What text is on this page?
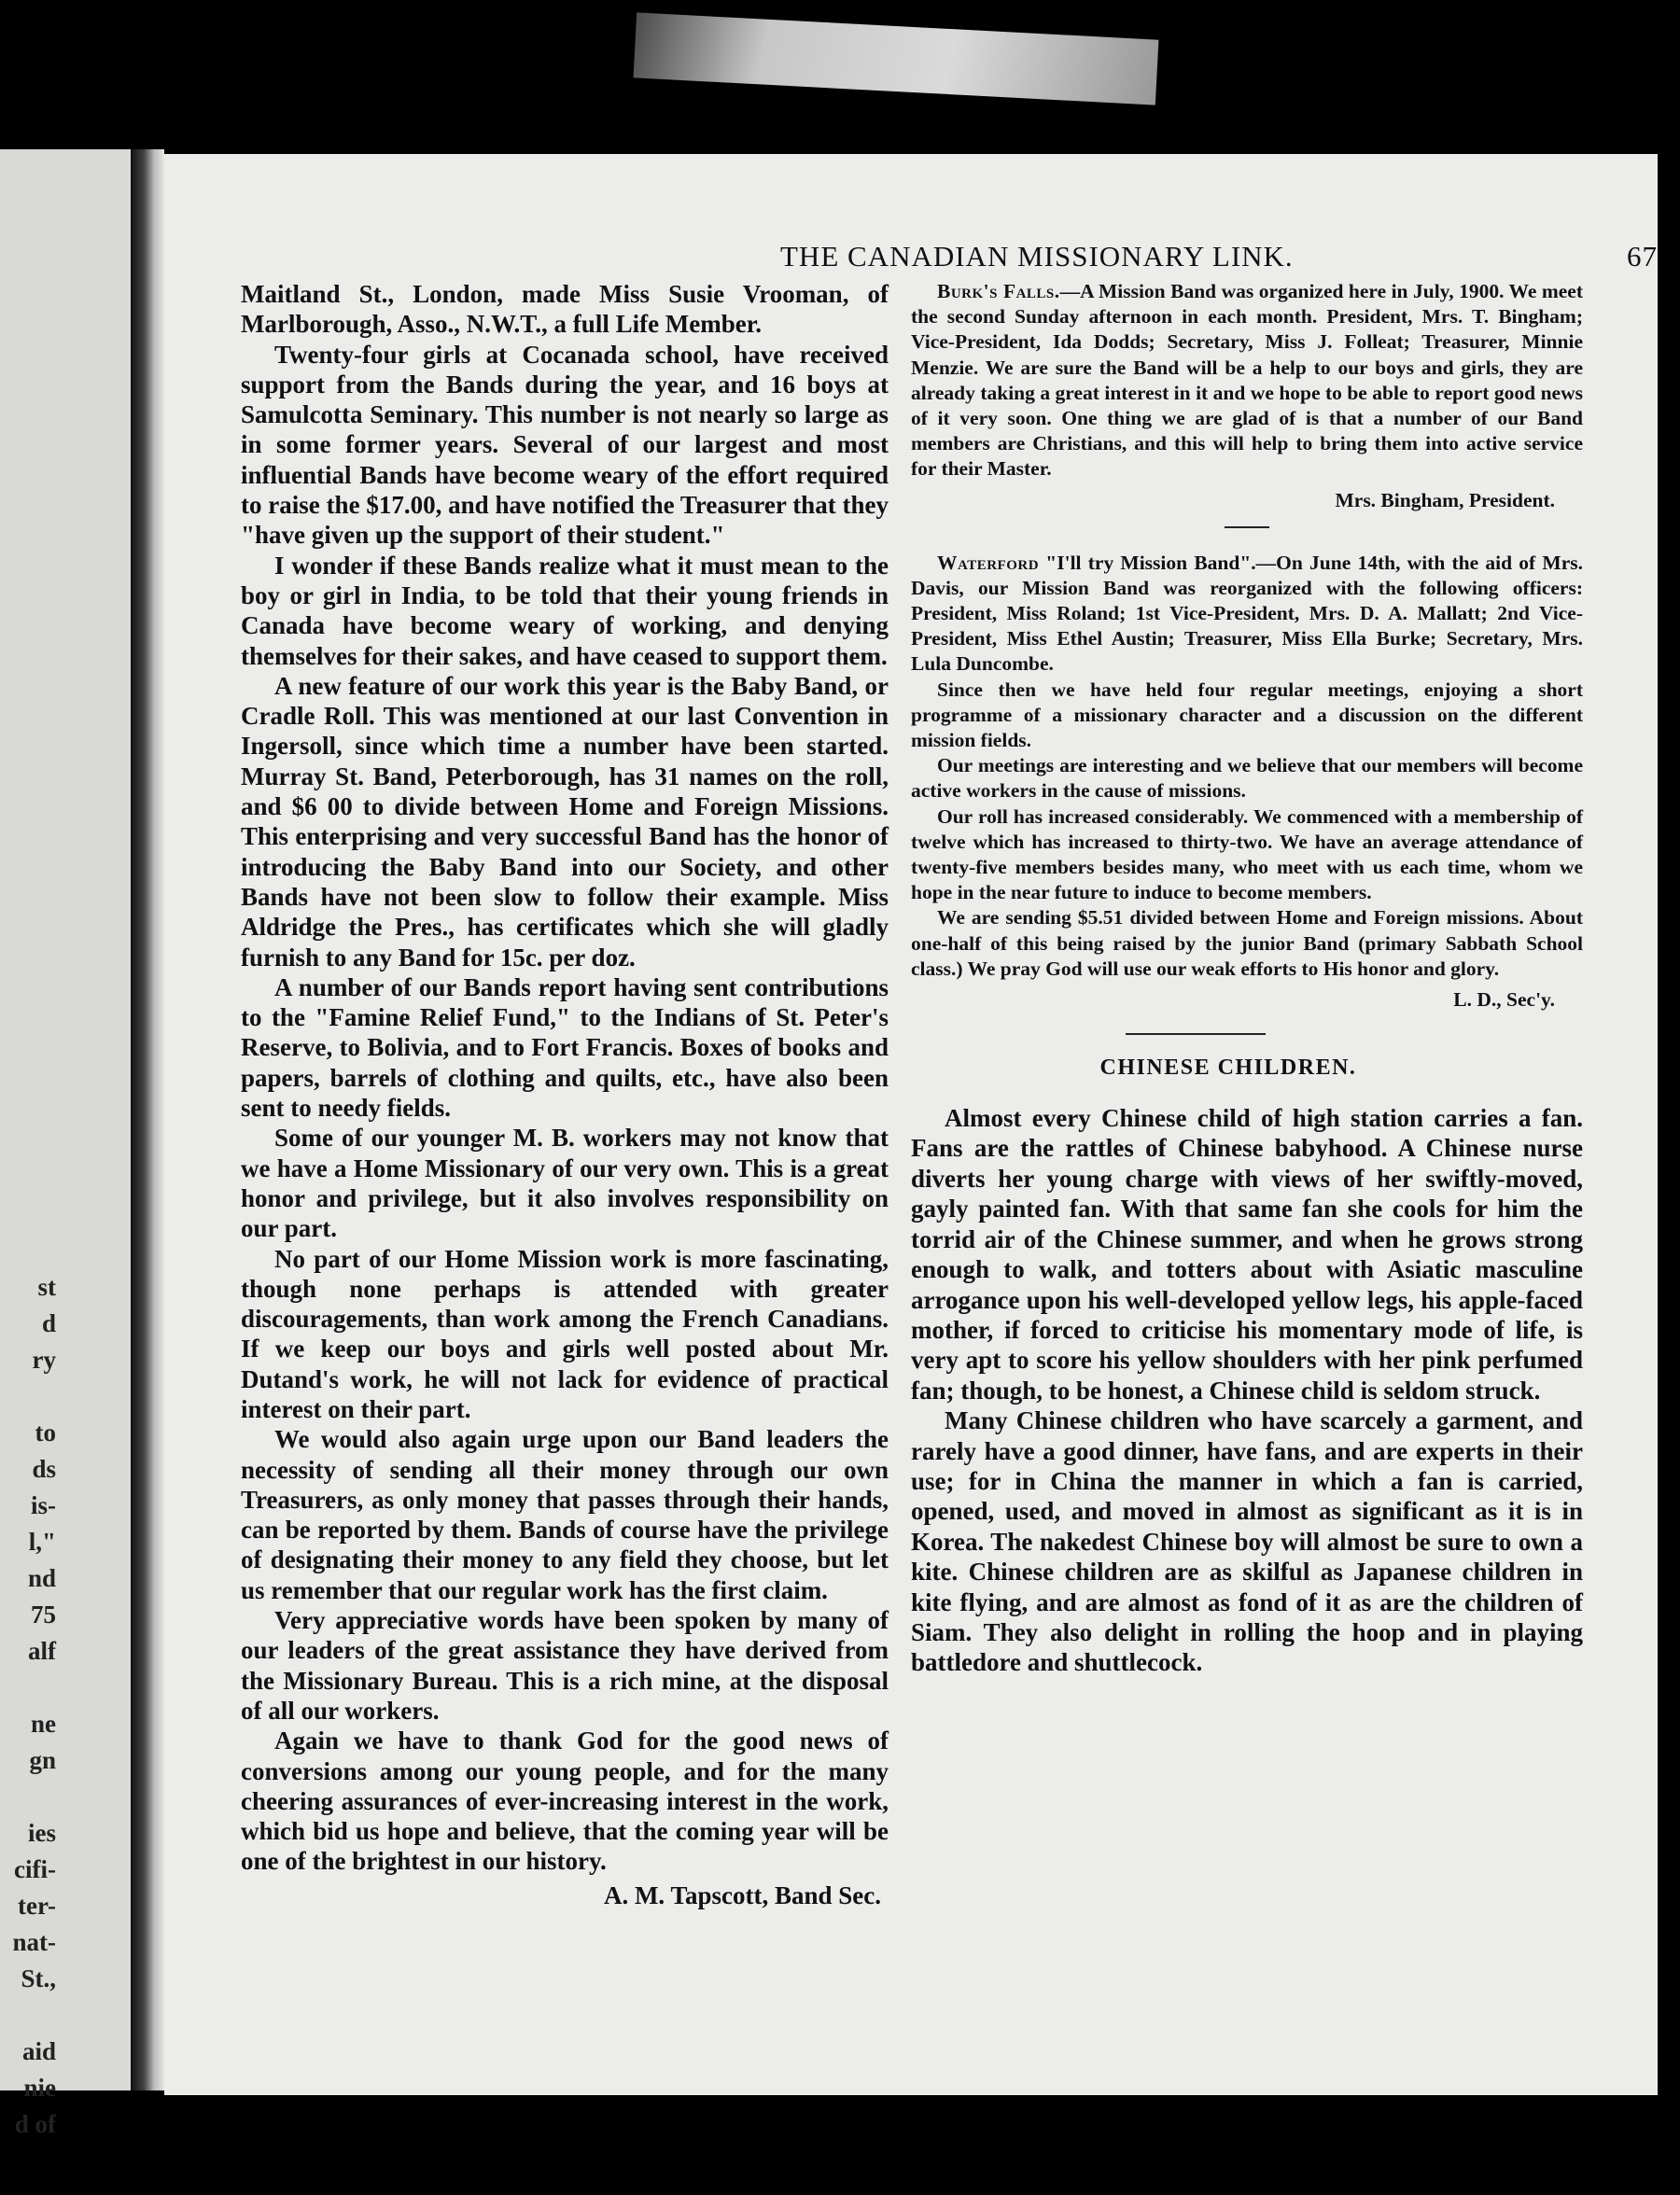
st
d
ry

to
ds
is-
l,"
nd
75
alf

ne
gn

ies
cifi-
ter-
nat-
St.,

aid
nie
d of
THE CANADIAN MISSIONARY LINK.	67

Maitland St., London, made Miss Susie Vrooman, of Marlborough, Asso., N.W.T., a full Life Member.

Twenty-four girls at Cocanada school, have received support from the Bands during the year, and 16 boys at Samulcotta Seminary. This number is not nearly so large as in some former years. Several of our largest and most influential Bands have become weary of the effort required to raise the $17.00, and have notified the Treasurer that they "have given up the support of their student."

I wonder if these Bands realize what it must mean to the boy or girl in India, to be told that their young friends in Canada have become weary of working, and denying themselves for their sakes, and have ceased to support them.

A new feature of our work this year is the Baby Band, or Cradle Roll. This was mentioned at our last Convention in Ingersoll, since which time a number have been started. Murray St. Band, Peterborough, has 31 names on the roll, and $6 00 to divide between Home and Foreign Missions. This enterprising and very successful Band has the honor of introducing the Baby Band into our Society, and other Bands have not been slow to follow their example. Miss Aldridge the Pres., has certificates which she will gladly furnish to any Band for 15c. per doz.

A number of our Bands report having sent contributions to the "Famine Relief Fund," to the Indians of St. Peter's Reserve, to Bolivia, and to Fort Francis. Boxes of books and papers, barrels of clothing and quilts, etc., have also been sent to needy fields.

Some of our younger M. B. workers may not know that we have a Home Missionary of our very own. This is a great honor and privilege, but it also involves responsibility on our part.

No part of our Home Mission work is more fascinating, though none perhaps is attended with greater discouragements, than work among the French Canadians. If we keep our boys and girls well posted about Mr. Dutand's work, he will not lack for evidence of practical interest on their part.

We would also again urge upon our Band leaders the necessity of sending all their money through our own Treasurers, as only money that passes through their hands, can be reported by them. Bands of course have the privilege of designating their money to any field they choose, but let us remember that our regular work has the first claim.

Very appreciative words have been spoken by many of our leaders of the great assistance they have derived from the Missionary Bureau. This is a rich mine, at the disposal of all our workers.

Again we have to thank God for the good news of conversions among our young people, and for the many cheering assurances of ever-increasing interest in the work, which bid us hope and believe, that the coming year will be one of the brightest in our history.

A. M. Tapscott, Band Sec.

Burk's Falls.—A Mission Band was organized here in July, 1900. We meet the second Sunday afternoon in each month. President, Mrs. T. Bingham; Vice-President, Ida Dodds; Secretary, Miss J. Folleat; Treasurer, Minnie Menzie. We are sure the Band will be a help to our boys and girls, they are already taking a great interest in it and we hope to be able to report good news of it very soon. One thing we are glad of is that a number of our Band members are Christians, and this will help to bring them into active service for their Master.

Mrs. Bingham, President.

Waterford "I'll try Mission Band".—On June 14th, with the aid of Mrs. Davis, our Mission Band was reorganized with the following officers: President, Miss Roland; 1st Vice-President, Mrs. D. A. Mallatt; 2nd Vice-President, Miss Ethel Austin; Treasurer, Miss Ella Burke; Secretary, Mrs. Lula Duncombe.

Since then we have held four regular meetings, enjoying a short programme of a missionary character and a discussion on the different mission fields.

Our meetings are interesting and we believe that our members will become active workers in the cause of missions.

Our roll has increased considerably. We commenced with a membership of twelve which has increased to thirty-two. We have an average attendance of twenty-five members besides many, who meet with us each time, whom we hope in the near future to induce to become members.

We are sending $5.51 divided between Home and Foreign missions. About one-half of this being raised by the junior Band (primary Sabbath School class.) We pray God will use our weak efforts to His honor and glory.

L. D., Sec'y.

CHINESE CHILDREN.

Almost every Chinese child of high station carries a fan. Fans are the rattles of Chinese babyhood. A Chinese nurse diverts her young charge with views of her swiftly-moved, gayly painted fan. With that same fan she cools for him the torrid air of the Chinese summer, and when he grows strong enough to walk, and totters about with Asiatic masculine arrogance upon his well-developed yellow legs, his apple-faced mother, if forced to criticise his momentary mode of life, is very apt to score his yellow shoulders with her pink perfumed fan; though, to be honest, a Chinese child is seldom struck.

Many Chinese children who have scarcely a garment, and rarely have a good dinner, have fans, and are experts in their use; for in China the manner in which a fan is carried, opened, used, and moved in almost as significant as it is in Korea. The nakedest Chinese boy will almost be sure to own a kite. Chinese children are as skilful as Japanese children in kite flying, and are almost as fond of it as are the children of Siam. They also delight in rolling the hoop and in playing battledore and shuttlecock.
